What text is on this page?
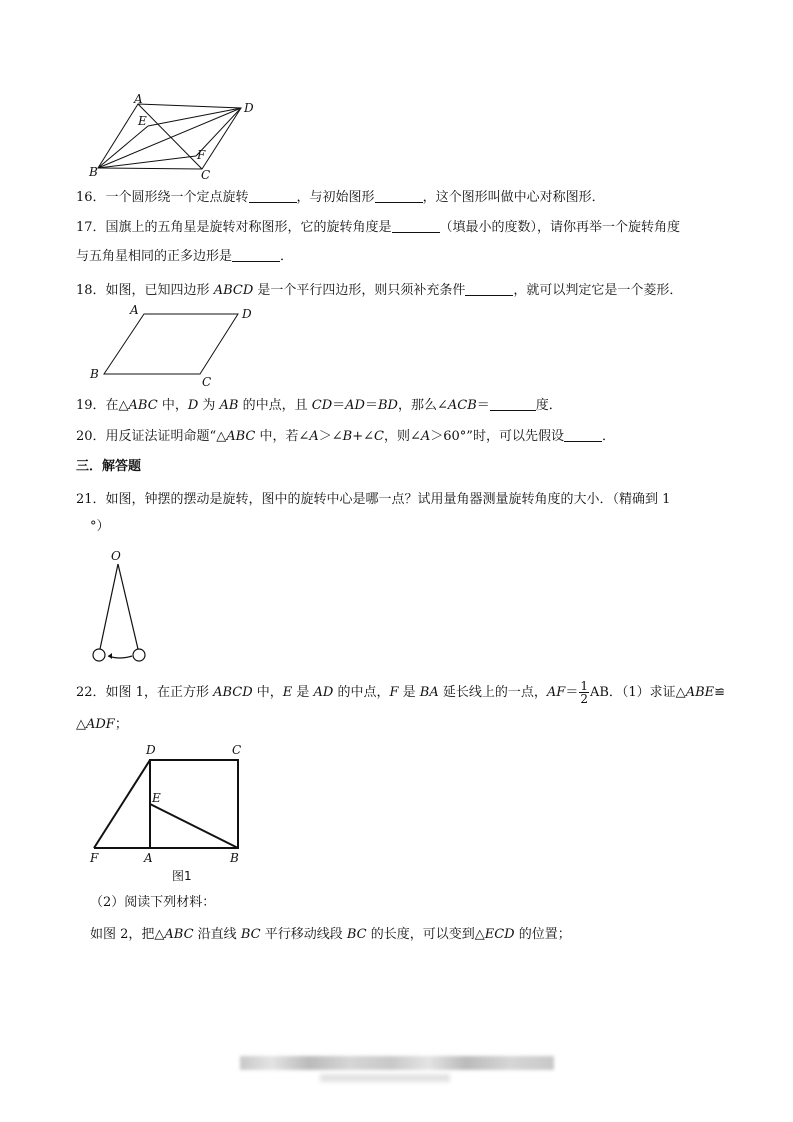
A
D
E
F
B	C
16．一个圆形绕一个定点旋转	，与初始图形	，这个图形叫做中心对称图形．
17．国旗上的五角星是旋转对称图形，它的旋转角度是	（填最小的度数），请你再举一个旋转角度
与五角星相同的正多边形是	．
18．如图，已知四边形 ABCD 是一个平行四边形，则只须补充条件	，就可以判定它是一个菱形．
A	D
B
C
19．在△ABC 中，D 为 AB 的中点，且 CD＝AD＝BD，那么∠ACB＝	度．
20．用反证法证明命题“△ABC 中，若∠A＞∠B+∠C，则∠A＞60°”时，可以先假设	．
三．解答题
21．如图，钟摆的摆动是旋转，图中的旋转中心是哪一点？试用量角器测量旋转角度的大小．（精确到 1
°）
O
22．如图 1，在正方形 ABCD 中，E 是 AD 的中点，F 是 BA 延长线上的一点，$AF= \frac{1}{2}$ AB．（1）求证△ABE≌
△ADF；
D	C
E
F	A	B
图1
（2）阅读下列材料：
如图 2，把△ABC 沿直线 BC 平行移动线段 BC 的长度，可以变到△ECD 的位置；
